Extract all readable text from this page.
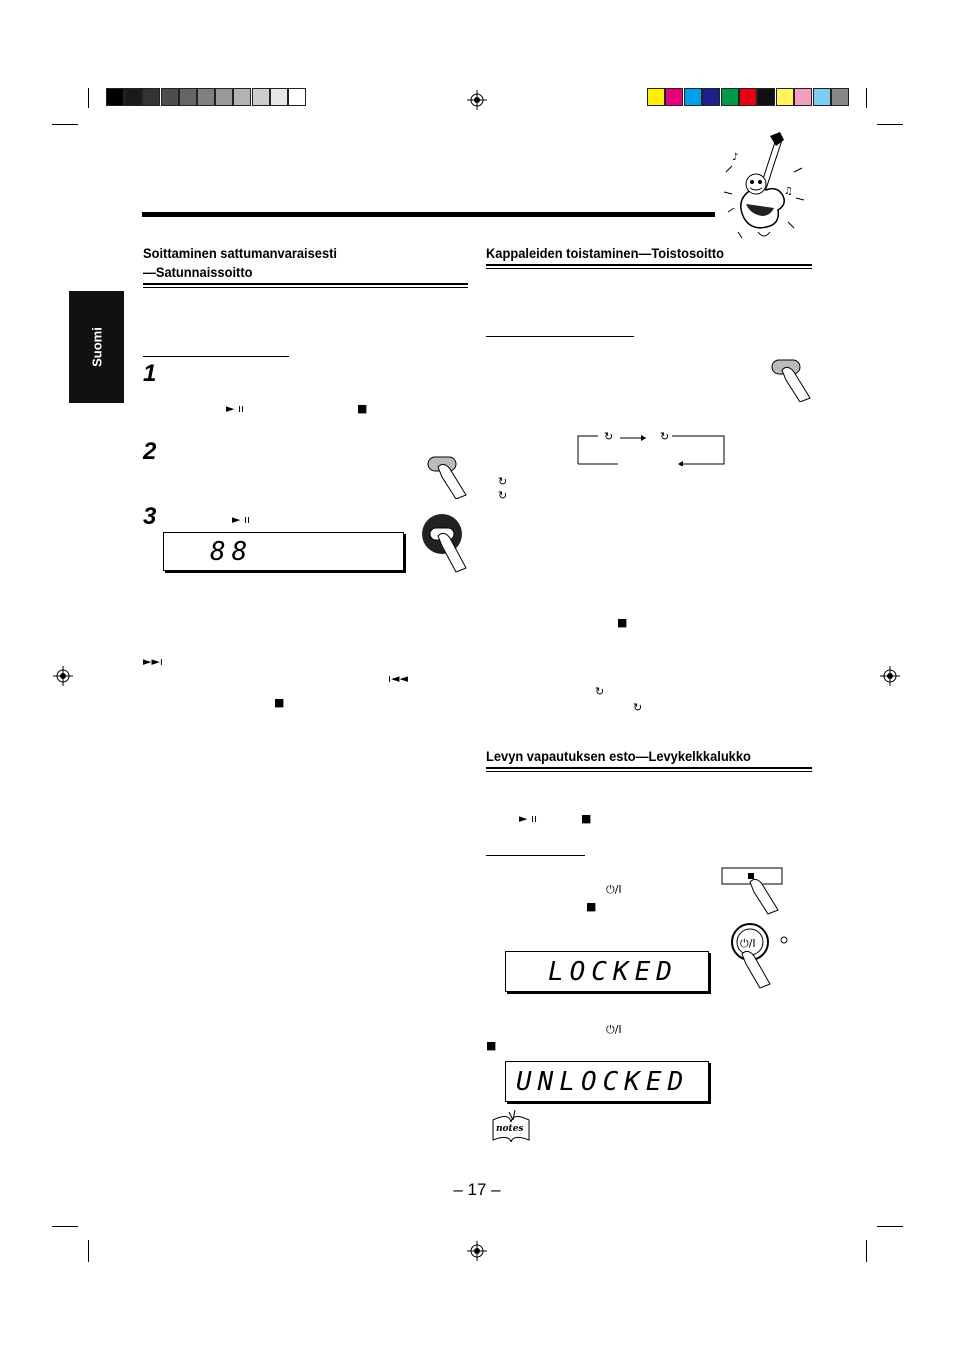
♪
♫
Suomi
Soittaminen sattumanvaraisesti
—Satunnaissoitto
1
► ıı	■
2
3	► ıı
88
►►ı
ı◄◄
■
Kappaleiden toistaminen—Toistosoitto
↻	↻
↻
↻
■
↻
↻
Levyn vapautuksen esto—Levykelkkalukko
► ıı	■
⏻/I
■
⏻/I
LOCKED
⏻/I
■
UNLOCKED
notes
– 17 –
